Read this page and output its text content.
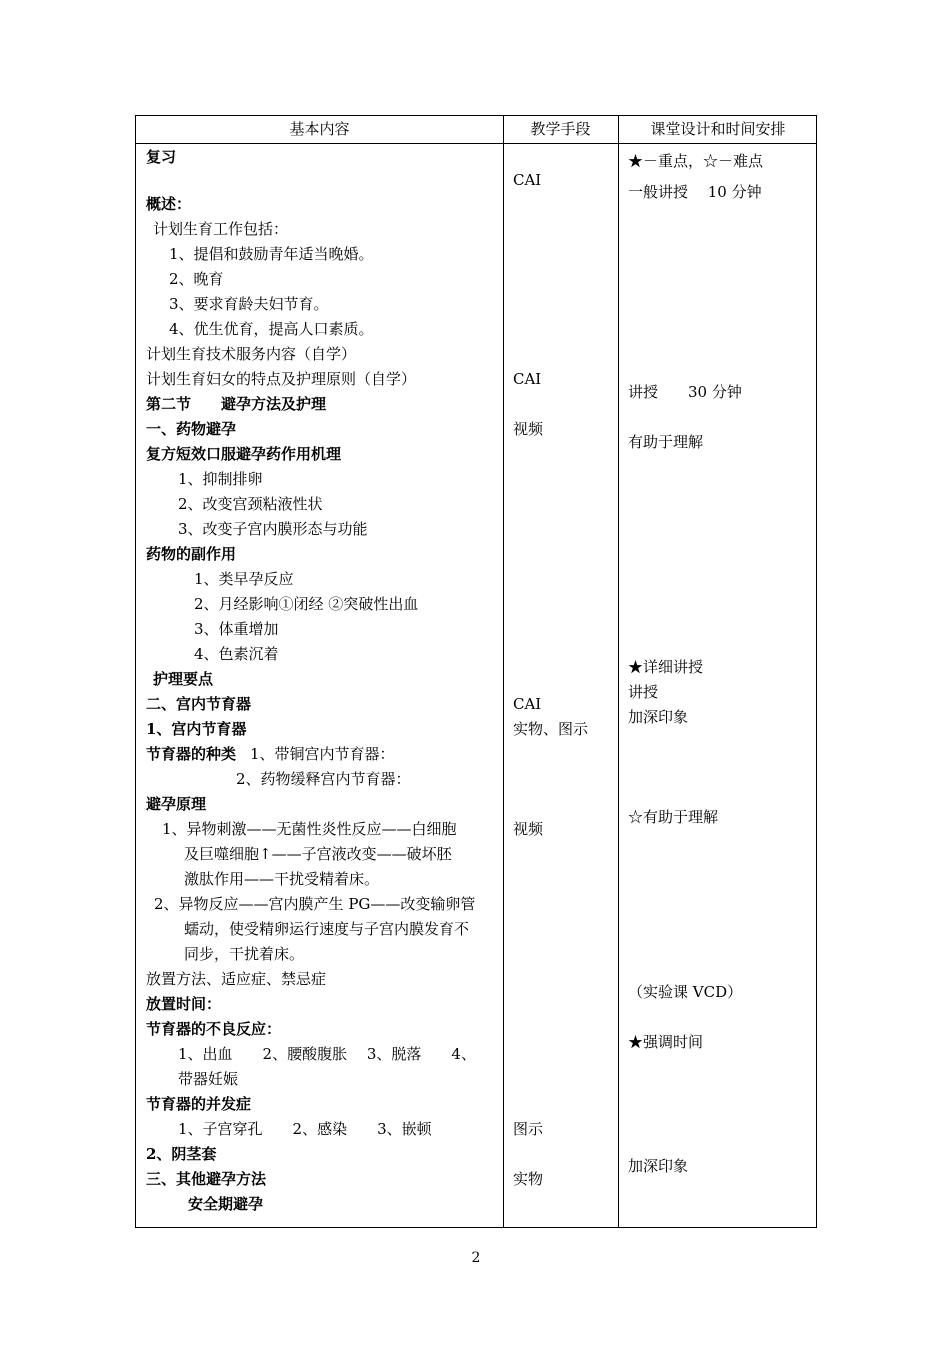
基本内容	教学手段	课堂设计和时间安排
复习
概述：
计划生育工作包括：
1、提倡和鼓励青年适当晚婚。
2、晚育
3、要求育龄夫妇节育。
4、优生优育，提高人口素质。
计划生育技术服务内容（自学）
计划生育妇女的特点及护理原则（自学）
第二节　　避孕方法及护理
一、药物避孕
复方短效口服避孕药作用机理
1、抑制排卵
2、改变宫颈粘液性状
3、改变子宫内膜形态与功能
药物的副作用
1、类早孕反应
2、月经影响①闭经 ②突破性出血
3、体重增加
4、色素沉着
护理要点
二、宫内节育器
1、宫内节育器
节育器的种类 1、带铜宫内节育器：
2、药物缓释宫内节育器：
避孕原理
1、异物刺激——无菌性炎性反应——白细胞
及巨噬细胞↑——子宫液改变——破坏胚
激肽作用——干扰受精着床。
2、异物反应——宫内膜产生 PG——改变输卵管
蠕动，使受精卵运行速度与子宫内膜发育不
同步，干扰着床。
放置方法、适应症、禁忌症
放置时间：
节育器的不良反应：
1、出血　　2、腰酸腹胀　 3、脱落　　4、
带器妊娠
节育器的并发症
1、子宫穿孔　　2、感染　　3、嵌顿
2、阴茎套
三、其他避孕方法
安全期避孕
CAI
CAI
视频
CAI
实物、图示
视频
图示
实物
★－重点，☆－难点
一般讲授　 10 分钟
讲授　　30 分钟
有助于理解
★详细讲授
讲授
加深印象
☆有助于理解
（实验课 VCD）
★强调时间
加深印象
2
